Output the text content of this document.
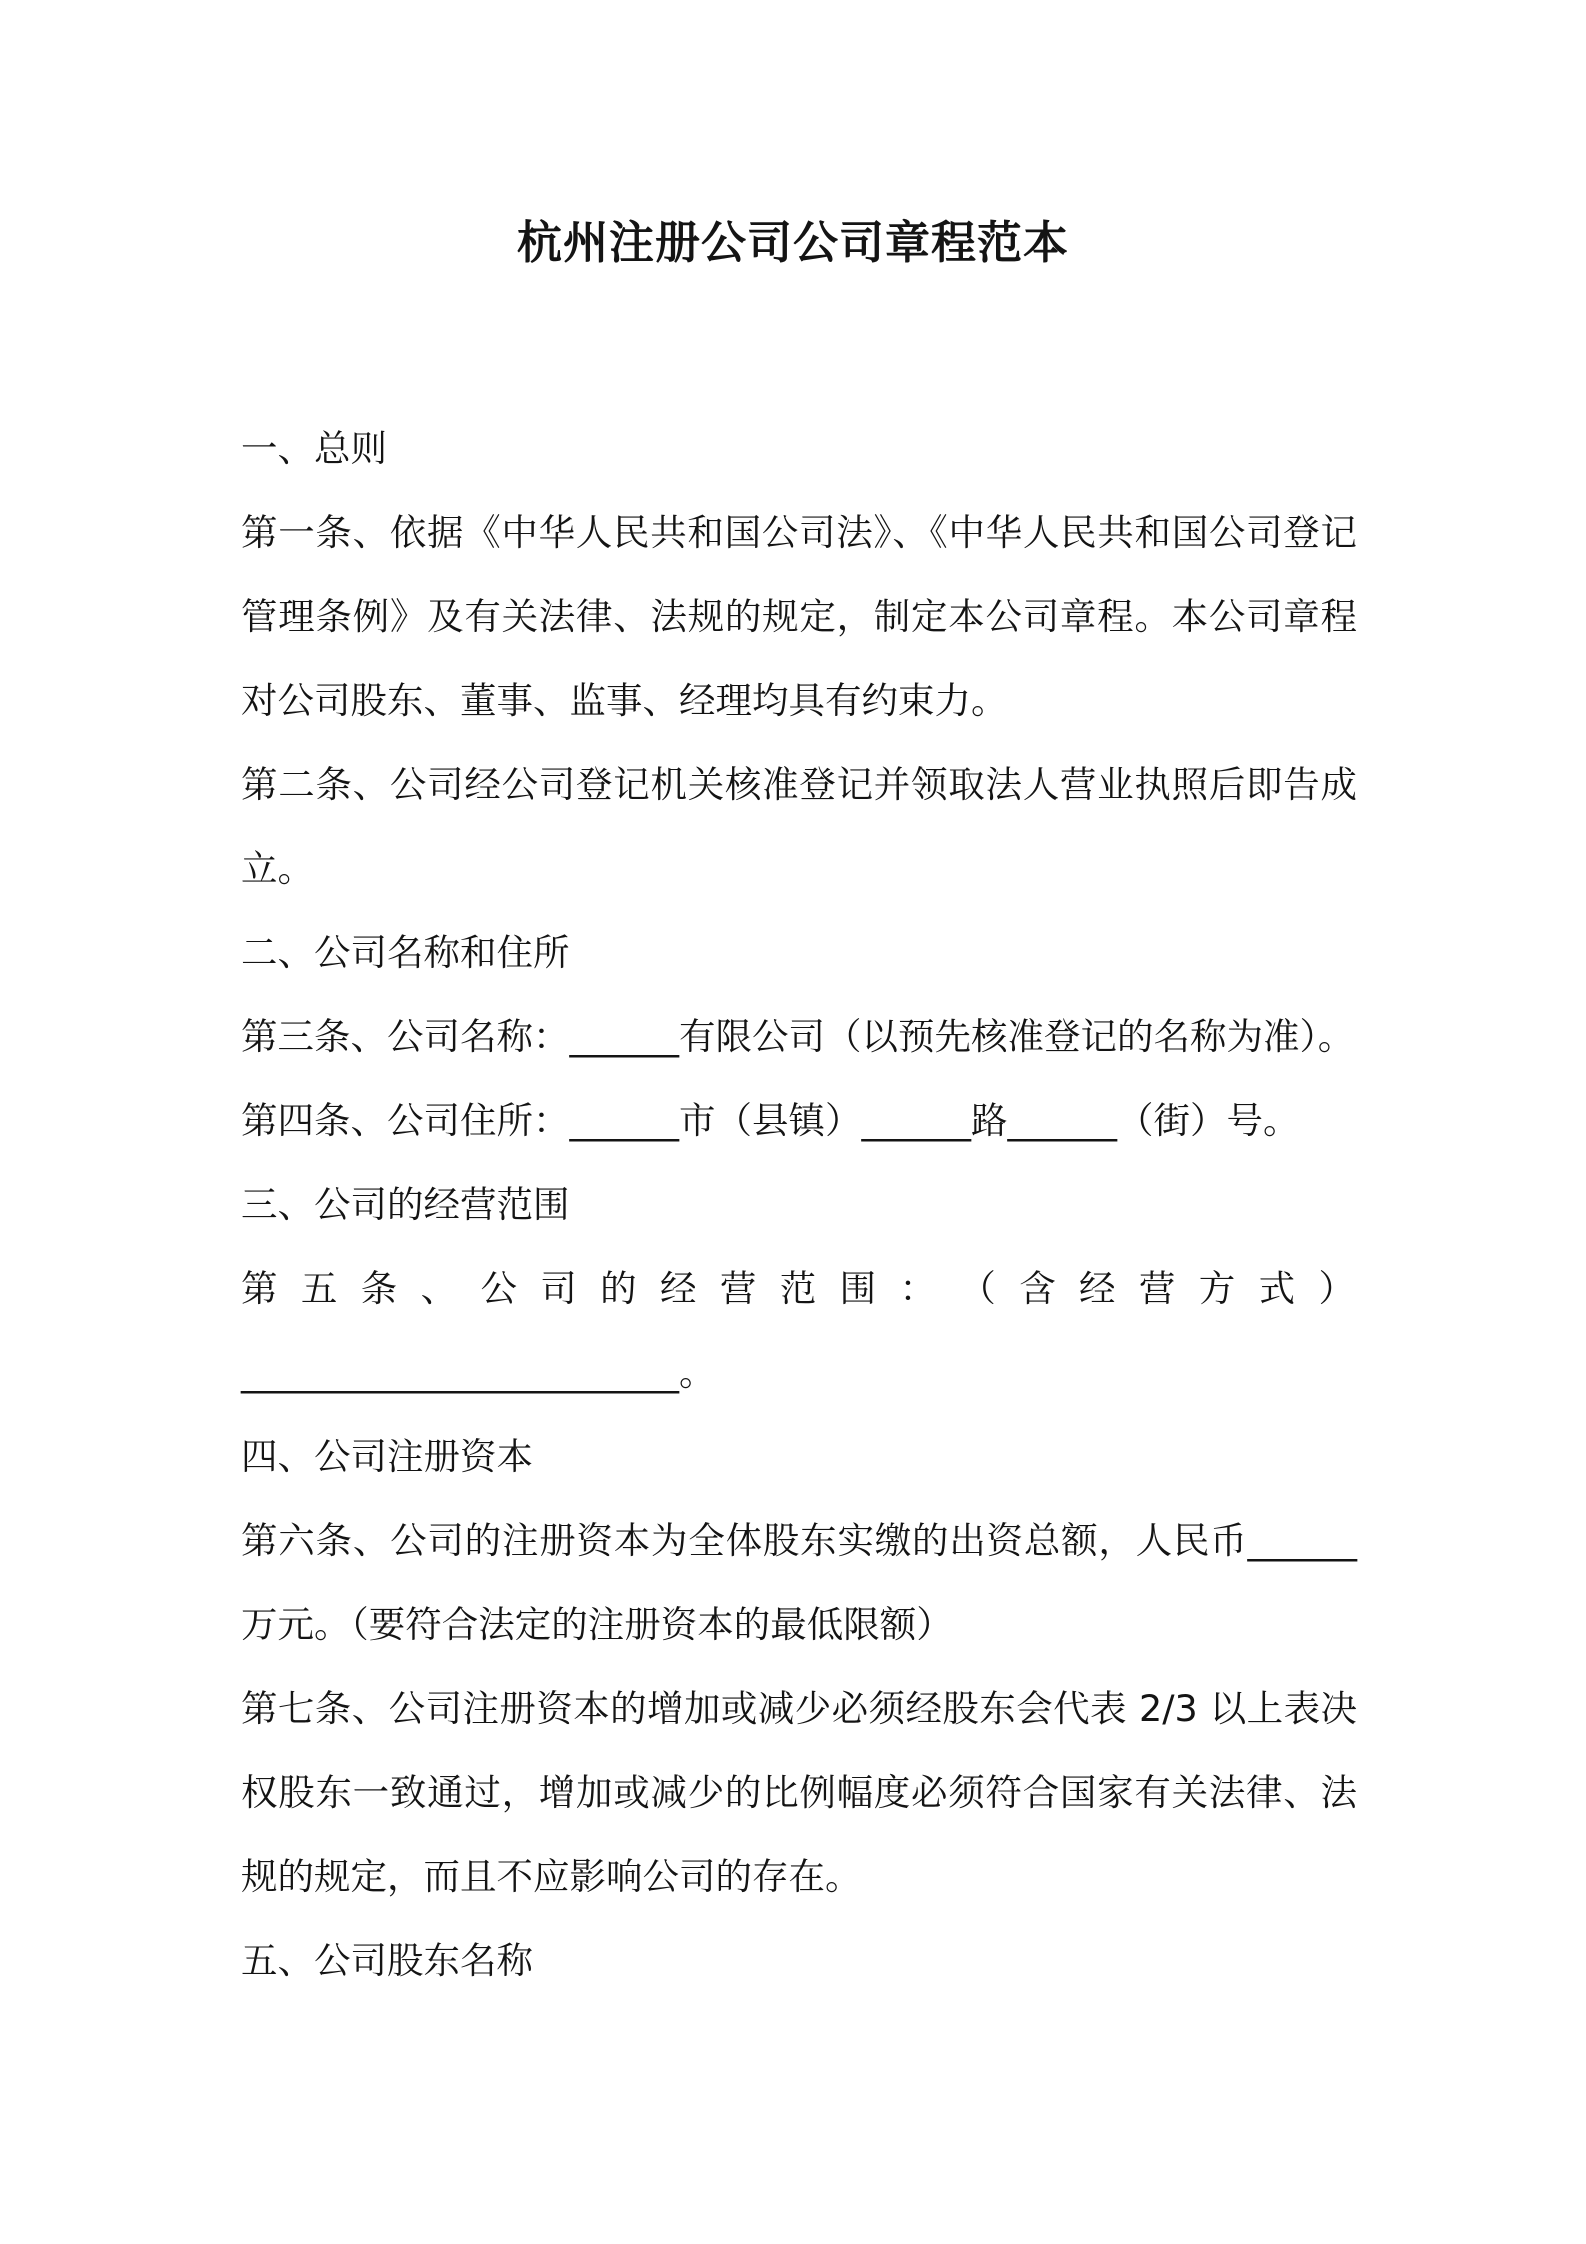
杭州注册公司公司章程范本
一、总则
第一条、依据《中华人民共和国公司法》、《中华人民共和国公司登记
管理条例》及有关法律、法规的规定，制定本公司章程。本公司章程
对公司股东、董事、监事、经理均具有约束力。
第二条、公司经公司登记机关核准登记并领取法人营业执照后即告成
立。
二、公司名称和住所
第三条、公司名称：______有限公司（以预先核准登记的名称为准）。
第四条、公司住所：______市（县镇）______路______（街）号。
三、公司的经营范围
第 五 条 、 公 司 的 经 营 范 围 ： （ 含 经 营 方 式 ）
________________________。
四、公司注册资本
第六条、公司的注册资本为全体股东实缴的出资总额，人民币______
万元。（要符合法定的注册资本的最低限额）
第七条、公司注册资本的增加或减少必须经股东会代表 2/3 以上表决
权股东一致通过，增加或减少的比例幅度必须符合国家有关法律、法
规的规定，而且不应影响公司的存在。
五、公司股东名称
